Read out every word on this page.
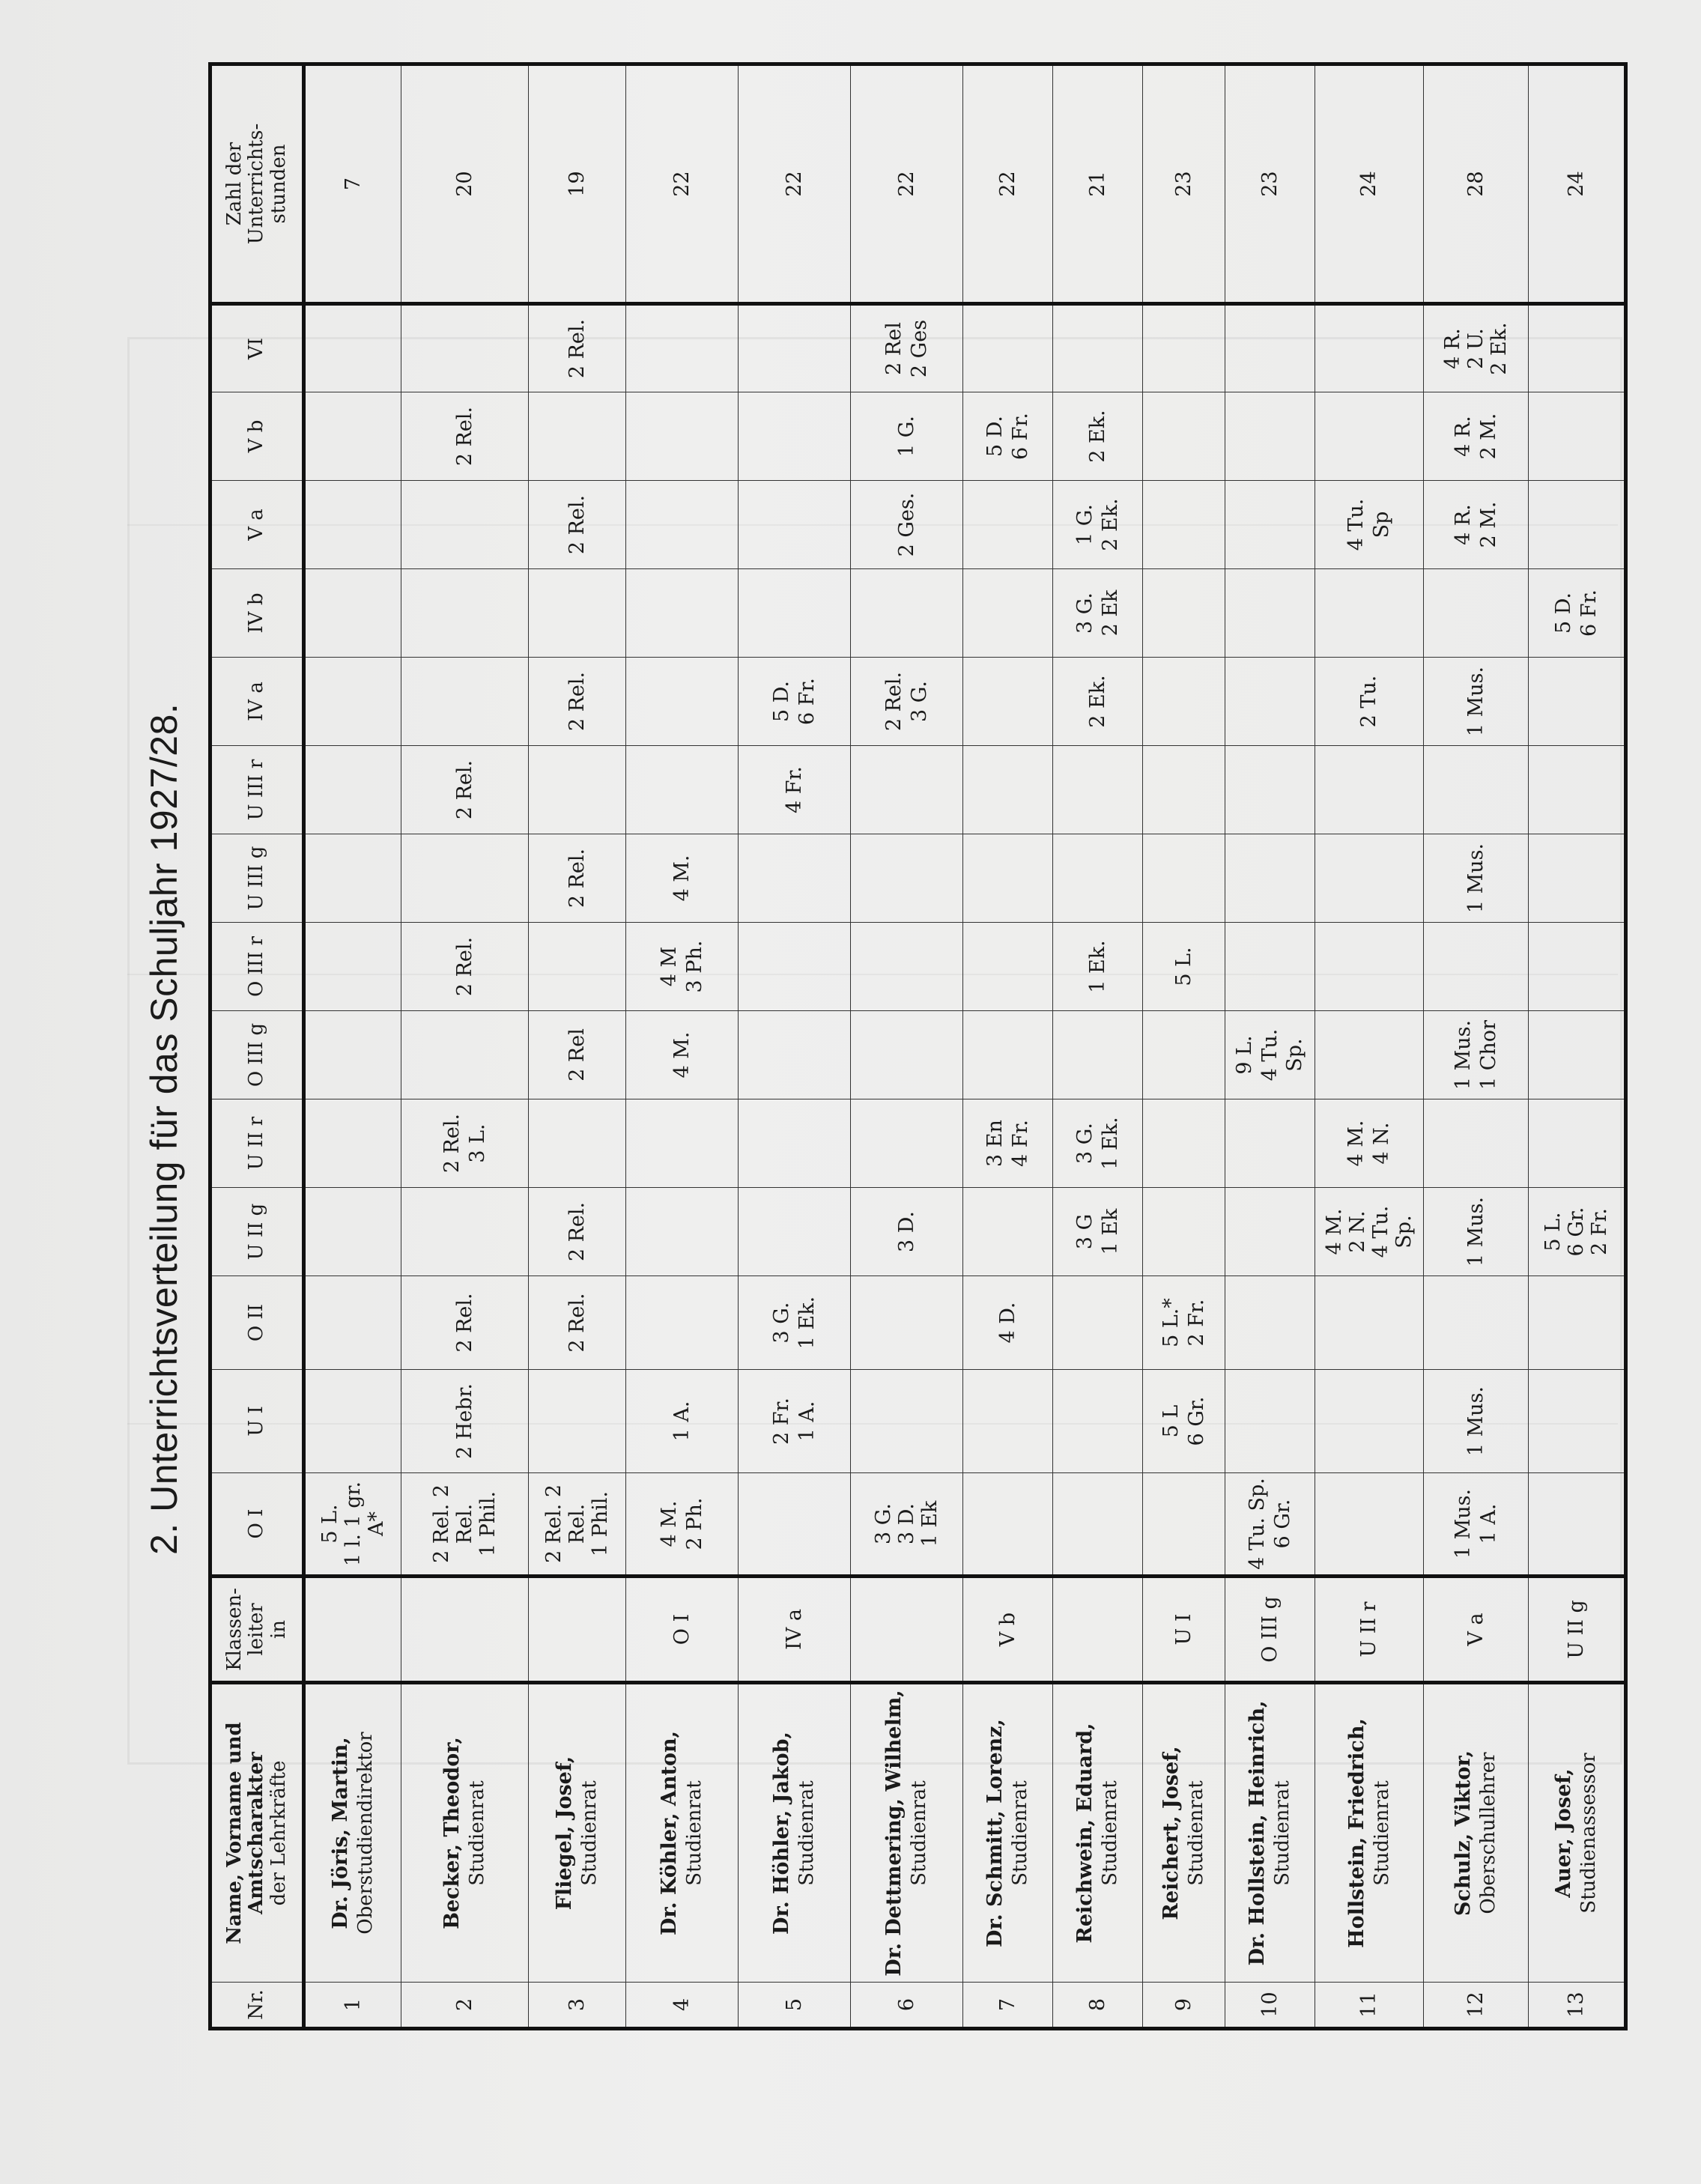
2. Unterrichtsverteilung für das Schuljahr 1927/28.
Nr.	Name, Vorname und Amtscharakter der Lehrkräfte	Klassen- leiter in	O I	U I	O II	U II g	U II r	O III g	O III r	U III g	U III r	IV a	IV b	V a	V b	VI	Zahl der Unterrichts- stunden

1	Dr. Jöris, Martin, Oberstudiendirektor		5 L. 1 l. 1 gr. A*														7
2	Becker, Theodor, Studienrat		2 Rel. 2 Rel. 1 Phil.	2 Hebr.	2 Rel.		2 Rel. 3 L.		2 Rel.		2 Rel.				2 Rel.		20
3	Fliegel, Josef, Studienrat		2 Rel. 2 Rel. 1 Phil.		2 Rel.	2 Rel.		2 Rel		2 Rel.		2 Rel.		2 Rel.		2 Rel.	19
4	Dr. Köhler, Anton, Studienrat	O I	4 M. 2 Ph.	1 A.				4 M.	4 M 3 Ph.	4 M.							22
5	Dr. Höhler, Jakob, Studienrat	IV a		2 Fr. 1 A.	3 G. 1 Ek.						4 Fr.	5 D. 6 Fr.					22
6	Dr. Dettmering, Wilhelm, Studienrat		3 G. 3 D. 1 Ek			3 D.						2 Rel. 3 G.		2 Ges.	1 G.	2 Rel 2 Ges	22
7	Dr. Schmitt, Lorenz, Studienrat	V b			4 D.		3 En 4 Fr.								5 D. 6 Fr.		22
8	Reichwein, Eduard, Studienrat					3 G 1 Ek	3 G. 1 Ek.		1 Ek.			2 Ek.	3 G. 2 Ek	1 G. 2 Ek.	2 Ek.		21
9	Reichert, Josef, Studienrat	U I		5 L 6 Gr.	5 L.* 2 Fr.				5 L.								23
10	Dr. Hollstein, Heinrich, Studienrat	O III g	4 Tu. Sp. 6 Gr.					9 L. 4 Tu. Sp.									23
11	Hollstein, Friedrich, Studienrat	U II r				4 M. 2 N. 4 Tu. Sp.	4 M. 4 N.					2 Tu.		4 Tu. Sp			24
12	Schulz, Viktor, Oberschullehrer	V a	1 Mus. 1 A.	1 Mus.		1 Mus.		1 Mus. 1 Chor		1 Mus.		1 Mus.		4 R. 2 M.	4 R. 2 M.	4 R. 2 U. 2 Ek.	28
13	Auer, Josef, Studienassessor	U II g				5 L. 6 Gr. 2 Fr.							5 D. 6 Fr.				24
